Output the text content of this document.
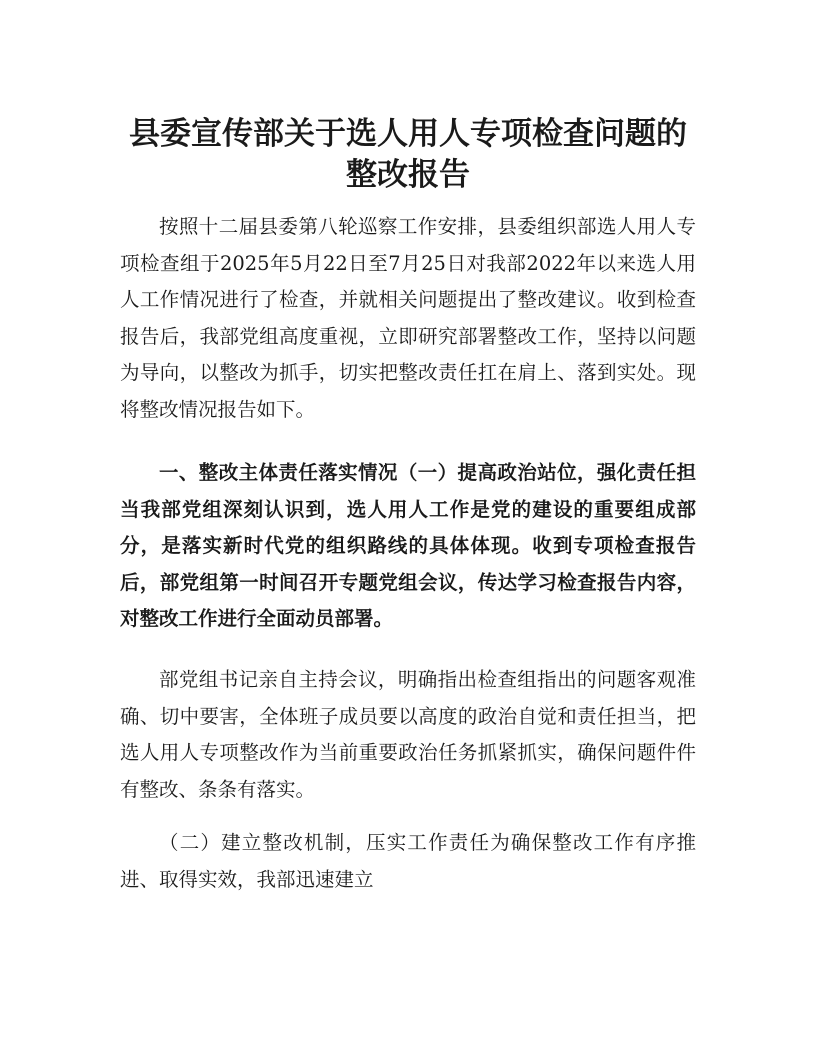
县委宣传部关于选人用人专项检查问题的整改报告

按照十二届县委第八轮巡察工作安排，县委组织部选人用人专项检查组于2025年5月22日至7月25日对我部2022年以来选人用人工作情况进行了检查，并就相关问题提出了整改建议。收到检查报告后，我部党组高度重视，立即研究部署整改工作，坚持以问题为导向，以整改为抓手，切实把整改责任扛在肩上、落到实处。现将整改情况报告如下。

一、整改主体责任落实情况（一）提高政治站位，强化责任担当我部党组深刻认识到，选人用人工作是党的建设的重要组成部分，是落实新时代党的组织路线的具体体现。收到专项检查报告后，部党组第一时间召开专题党组会议，传达学习检查报告内容，对整改工作进行全面动员部署。

部党组书记亲自主持会议，明确指出检查组指出的问题客观准确、切中要害，全体班子成员要以高度的政治自觉和责任担当，把选人用人专项整改作为当前重要政治任务抓紧抓实，确保问题件件有整改、条条有落实。

（二）建立整改机制，压实工作责任为确保整改工作有序推进、取得实效，我部迅速建立
